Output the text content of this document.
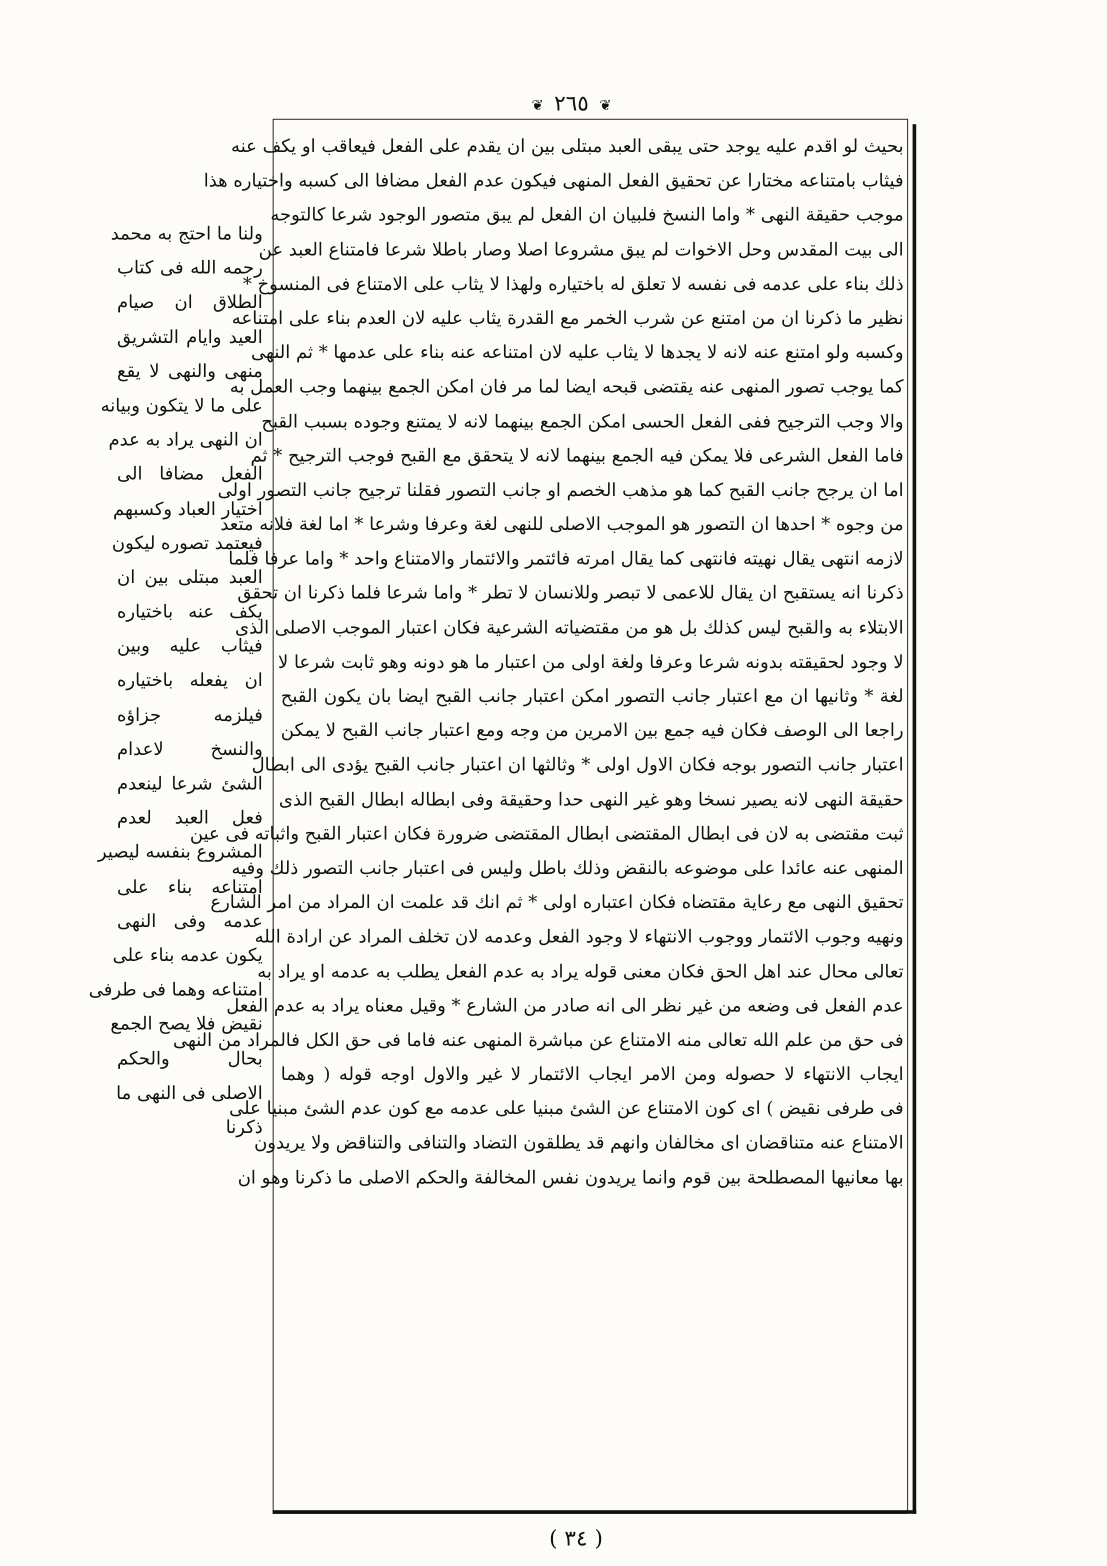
❦ ٢٦٥ ❦
بحيث لو اقدم عليه يوجد حتى يبقى العبد مبتلى بين ان يقدم على الفعل فيعاقب او يكف عنه
فيثاب بامتناعه مختارا عن تحقيق الفعل المنهى فيكون عدم الفعل مضافا الى كسبه واختياره هذا
موجب حقيقة النهى * واما النسخ فلبيان ان الفعل لم يبق متصور الوجود شرعا كالتوجه
الى بيت المقدس وحل الاخوات لم يبق مشروعا اصلا وصار باطلا شرعا فامتناع العبد عن
ذلك بناء على عدمه فى نفسه لا تعلق له باختياره ولهذا لا يثاب على الامتناع فى المنسوخ *
نظير ما ذكرنا ان من امتنع عن شرب الخمر مع القدرة يثاب عليه لان العدم بناء على امتناعه
وكسبه ولو امتنع عنه لانه لا يجدها لا يثاب عليه لان امتناعه عنه بناء على عدمها * ثم النهى
كما يوجب تصور المنهى عنه يقتضى قبحه ايضا لما مر فان امكن الجمع بينهما وجب العمل به
والا وجب الترجيح ففى الفعل الحسى امكن الجمع بينهما لانه لا يمتنع وجوده بسبب القبح
فاما الفعل الشرعى فلا يمكن فيه الجمع بينهما لانه لا يتحقق مع القبح فوجب الترجيح * ثم
اما ان يرجح جانب القبح كما هو مذهب الخصم او جانب التصور فقلنا ترجيح جانب التصور اولى
من وجوه * احدها ان التصور هو الموجب الاصلى للنهى لغة وعرفا وشرعا * اما لغة فلانه متعد
لازمه انتهى يقال نهيته فانتهى كما يقال امرته فائتمر والائتمار والامتناع واحد * واما عرفا فلما
ذكرنا انه يستقبح ان يقال للاعمى لا تبصر وللانسان لا تطر * واما شرعا فلما ذكرنا ان تحقق
الابتلاء به والقبح ليس كذلك بل هو من مقتضياته الشرعية فكان اعتبار الموجب الاصلى الذى
لا وجود لحقيقته بدونه شرعا وعرفا ولغة اولى من اعتبار ما هو دونه وهو ثابت شرعا لا
لغة * وثانيها ان مع اعتبار جانب التصور امكن اعتبار جانب القبح ايضا بان يكون القبح
راجعا الى الوصف فكان فيه جمع بين الامرين من وجه ومع اعتبار جانب القبح لا يمكن
اعتبار جانب التصور بوجه فكان الاول اولى * وثالثها ان اعتبار جانب القبح يؤدى الى ابطال
حقيقة النهى لانه يصير نسخا وهو غير النهى حدا وحقيقة وفى ابطاله ابطال القبح الذى
ثبت مقتضى به لان فى ابطال المقتضى ابطال المقتضى ضرورة فكان اعتبار القبح واثباته فى عين
المنهى عنه عائدا على موضوعه بالنقض وذلك باطل وليس فى اعتبار جانب التصور ذلك وفيه
تحقيق النهى مع رعاية مقتضاه فكان اعتباره اولى * ثم انك قد علمت ان المراد من امر الشارع
ونهيه وجوب الائتمار ووجوب الانتهاء لا وجود الفعل وعدمه لان تخلف المراد عن ارادة الله
تعالى محال عند اهل الحق فكان معنى قوله يراد به عدم الفعل يطلب به عدمه او يراد به
عدم الفعل فى وضعه من غير نظر الى انه صادر من الشارع * وقيل معناه يراد به عدم الفعل
فى حق من علم الله تعالى منه الامتناع عن مباشرة المنهى عنه فاما فى حق الكل فالمراد من النهى
ايجاب الانتهاء لا حصوله ومن الامر ايجاب الائتمار لا غير والاول اوجه قوله ( وهما
فى طرفى نقيض ) اى كون الامتناع عن الشئ مبنيا على عدمه مع كون عدم الشئ مبنيا على
الامتناع عنه متناقضان اى مخالفان وانهم قد يطلقون التضاد والتنافى والتناقض ولا يريدون
بها معانيها المصطلحة بين قوم وانما يريدون نفس المخالفة والحكم الاصلى ما ذكرنا وهو ان
ولنا ما احتج به محمد
رحمه الله فى كتاب
الطلاق ان صيام
العيد وايام التشريق
منهى والنهى لا يقع
على ما لا يتكون وبيانه
ان النهى يراد به عدم
الفعل مضافا الى
اختيار العباد وكسبهم
فيعتمد تصوره ليكون
العبد مبتلى بين ان
يكف عنه باختياره
فيثاب عليه وبين
ان يفعله باختياره
فيلزمه جزاؤه
والنسخ لاعدام
الشئ شرعا لينعدم
فعل العبد لعدم
المشروع بنفسه ليصير
امتناعه بناء على
عدمه وفى النهى
يكون عدمه بناء على
امتناعه وهما فى طرفى
نقيض فلا يصح الجمع
بحال والحكم
الاصلى فى النهى ما
ذكرنا
( ٣٤ )
